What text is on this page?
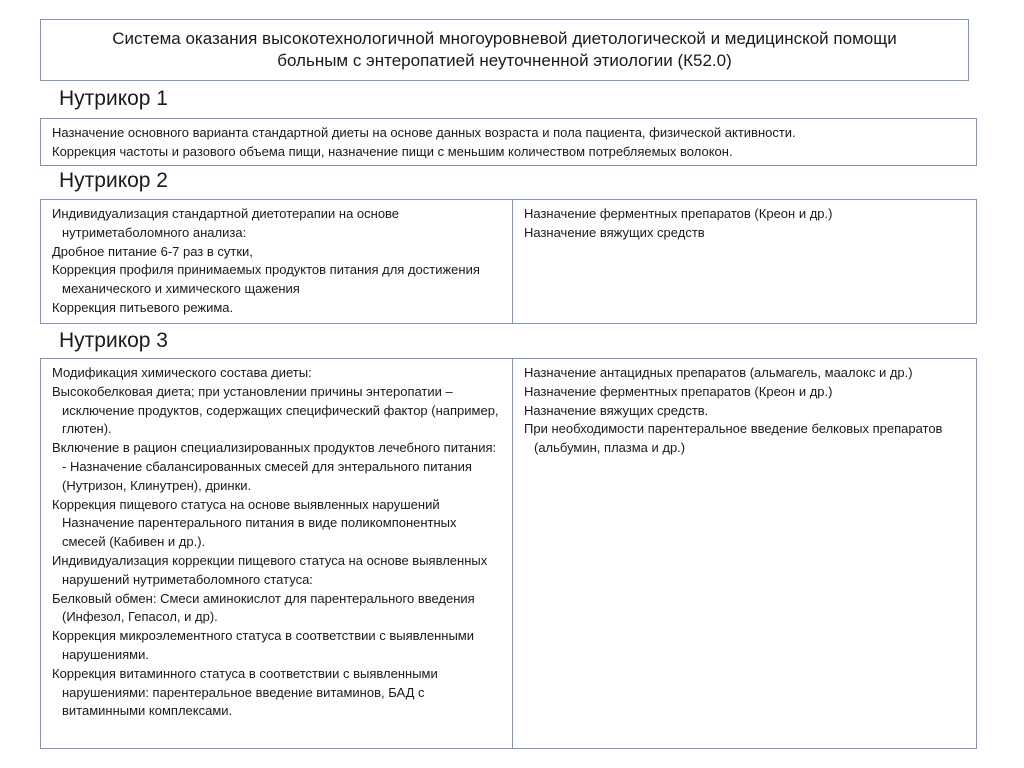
Система оказания высокотехнологичной многоуровневой диетологической и медицинской помощи
больным с энтеропатией неуточненной этиологии (К52.0)
Нутрикор 1

Назначение основного варианта стандартной диеты на основе данных возраста и пола пациента, физической активности.

Коррекция частоты и разового объема пищи, назначение пищи с меньшим количеством потребляемых волокон.

Нутрикор 2

Индивидуализация стандартной диетотерапии на основе нутриметаболомного анализа:

Дробное питание 6-7 раз в сутки,

Коррекция профиля принимаемых продуктов питания для достижения механического и химического щажения

Коррекция питьевого режима.

Назначение ферментных препаратов (Креон и др.)

Назначение вяжущих средств

Нутрикор 3

Модификация химического состава диеты:

Высокобелковая диета; при установлении причины энтеропатии – исключение продуктов, содержащих специфический фактор (например, глютен).

Включение в рацион специализированных продуктов лечебного питания:

- Назначение сбалансированных смесей для энтерального питания (Нутризон, Клинутрен), дринки.

Коррекция пищевого статуса на основе выявленных нарушений

Назначение парентерального питания в виде поликомпонентных смесей (Кабивен и др.).

Индивидуализация коррекции пищевого статуса на основе выявленных нарушений нутриметаболомного статуса:

Белковый обмен: Смеси аминокислот для парентерального введения (Инфезол, Гепасол, и др).

Коррекция микроэлементного статуса в соответствии с выявленными нарушениями.

Коррекция витаминного статуса в соответствии с выявленными нарушениями: парентеральное введение витаминов, БАД с витаминными комплексами.

Назначение антацидных препаратов (альмагель, маалокс и др.)

Назначение ферментных препаратов (Креон и др.)

Назначение вяжущих средств.

При необходимости парентеральное введение белковых препаратов (альбумин, плазма и др.)
